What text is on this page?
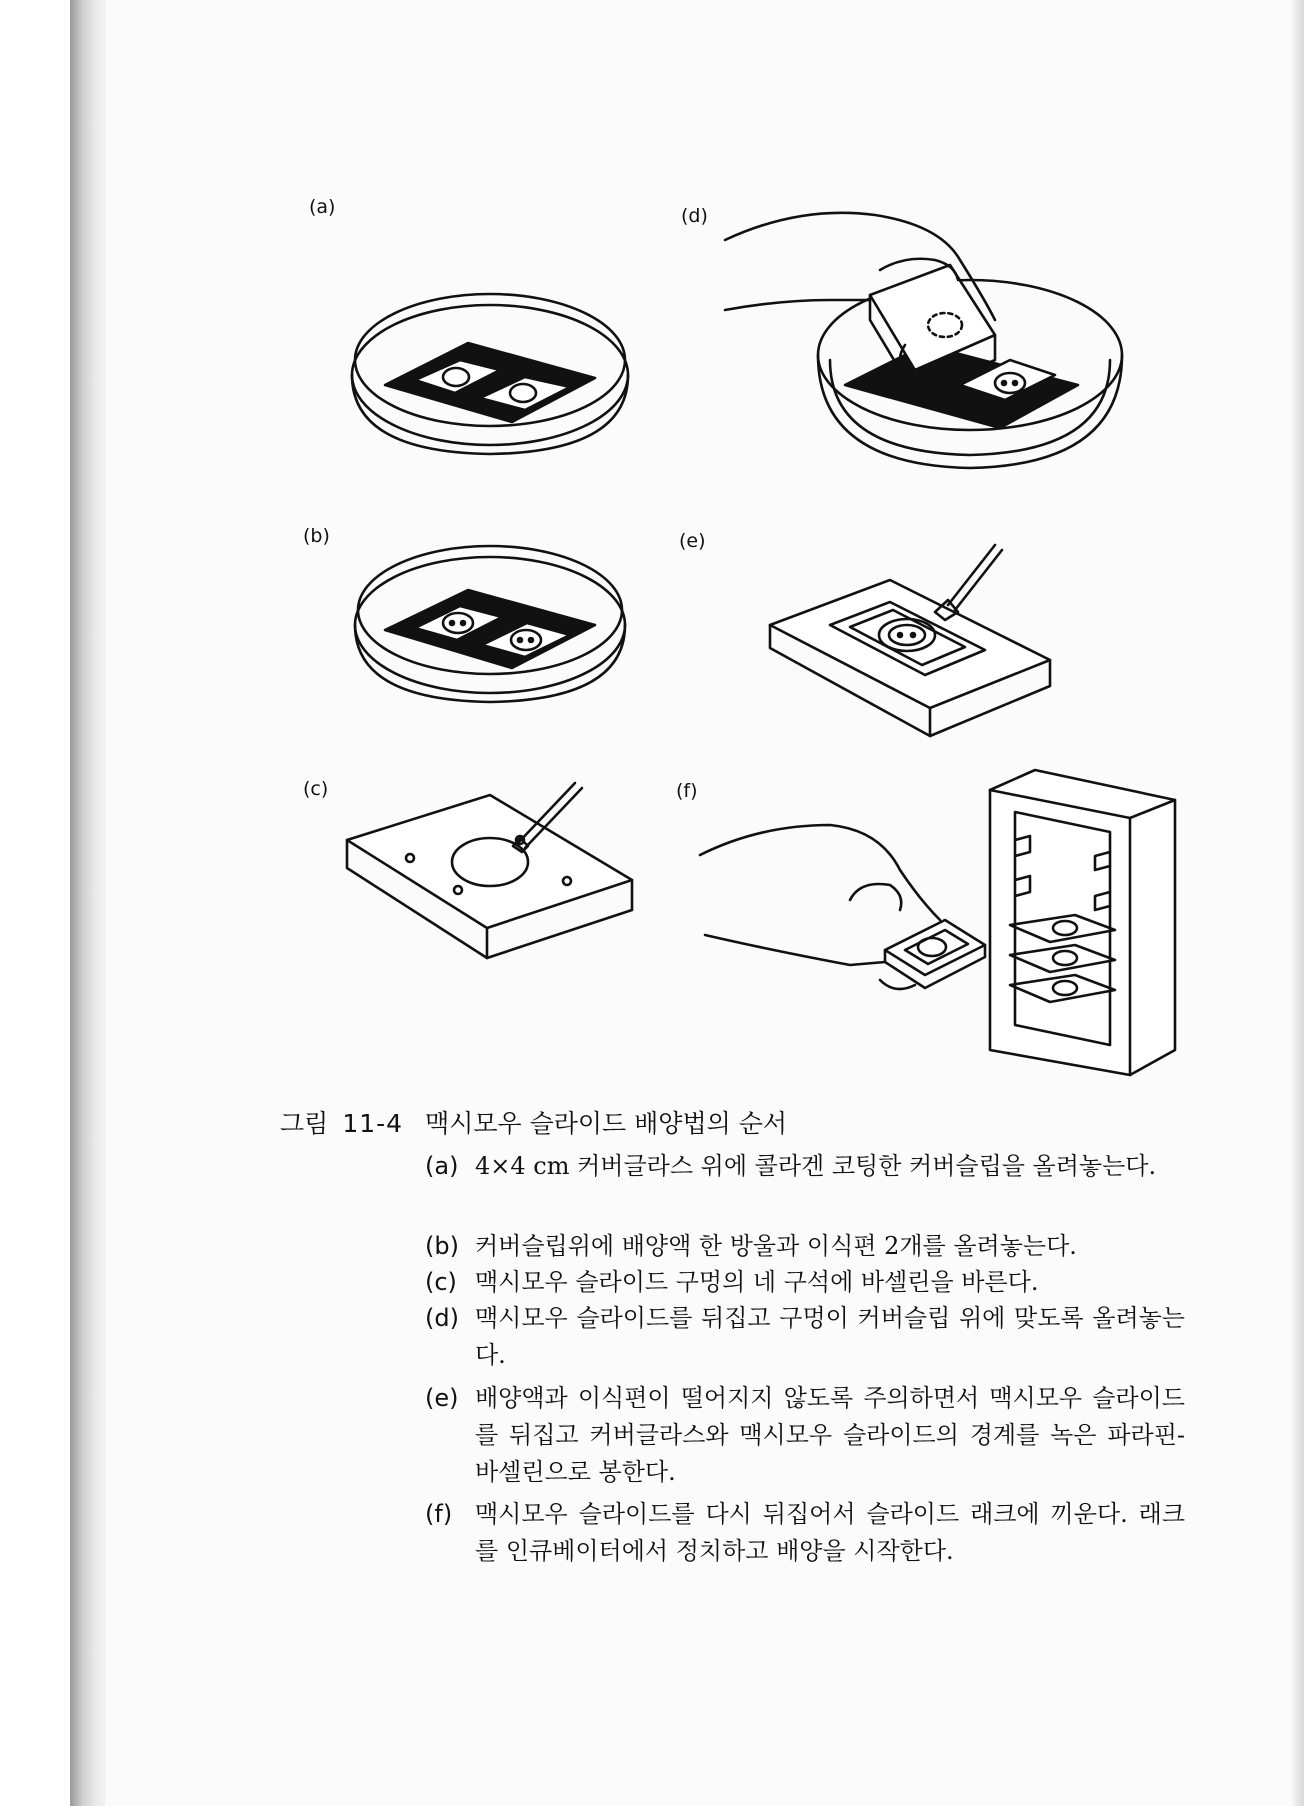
(a)
(b)
(c)
(d)
(e)
(f)
그림 11-4 맥시모우 슬라이드 배양법의 순서
(a) 4×4 cm 커버글라스 위에 콜라겐 코팅한 커버슬립을 올려놓는다.
(b) 커버슬립위에 배양액 한 방울과 이식편 2개를 올려놓는다.
(c) 맥시모우 슬라이드 구멍의 네 구석에 바셀린을 바른다.
(d) 맥시모우 슬라이드를 뒤집고 구멍이 커버슬립 위에 맞도록 올려놓는다.
(e) 배양액과 이식편이 떨어지지 않도록 주의하면서 맥시모우 슬라이드를 뒤집고 커버글라스와 맥시모우 슬라이드의 경계를 녹은 파라핀-바셀린으로 봉한다.
(f) 맥시모우 슬라이드를 다시 뒤집어서 슬라이드 래크에 끼운다. 래크를 인큐베이터에서 정치하고 배양을 시작한다.
